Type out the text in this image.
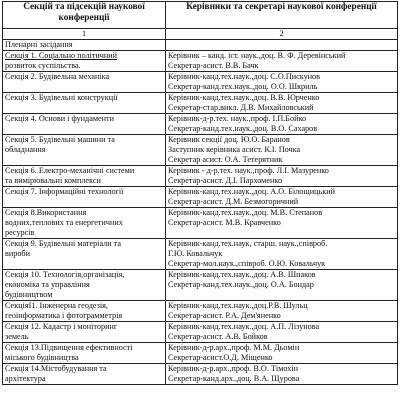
Секцій та підсекцій наукової конференції	Керівники та секретарі наукової конференції
1	2
Пленарні засідання	

Секція 1. Соціально політичний
розвиток суспільства.	Керівник – канд. іст. наук.,доц. В. Ф. Деревінський
Секретар-асист. В.В. Бачк

Секція 2. Будівельна механіка	Керівник-канд.тех.наук.,доц. С.О.Пискунов
Секретар-канд.тех.наук.,доц. О.О. Шкриль

Секція 3. Будівельні конструкції	Керівник-канд.тех.наук.,доц. В.В. Юрченко
Секретар-стар.викл. Д.В. Михайловський

Секція 4. Основи і фундаменти	Керівник-д-р.тех. наук.,проф. І.П.Бойко
Секретар-канд.тех.наук.,доц. В.О. Сахаров

Секція 5. Будівельні машини та
обладнання	Керівник секції доц. Ю.О. Баранов
Заступник керівника асист. К.І. Почка
Секретар асист. О.А. Тетерятник

Секція 6. Електро-механічні системи
та вимірювальні комплекси	Керівник - д-р.тех. наук.,проф. Л.І. Мазуренко
Секретар-асист. Д.І. Пархоменко

Секція 7. Інформаційні технології	Керівник-канд.тех.наук.,доц. А.О. Білощицький
Секретар-асист. Д.М. Безмогоричний

Секція 8.Використання
водних,теплових та енергетичних
ресурсів	Керівник-канд.тех.наук.,доц. М.В. Степанов
Секретар-асист. М.В. Кравченко

Секція 9. Будівельні матеріали та
вироби	Керівник-канд.тех.наук, старш. наук.,співроб.
Г.Ю. Ковальчук
Секретар-мол.наук.,співроб. О.Ю. Ковальчук

Секція 10. Технологія,організація,
економіка та управління
будівництвом	Керівник-канд.тех.наук.,доц. А.В. Шпаков
Секретар-канд.тех.наук.,доц. О.А. Бондар

СекціяІ1. Інженерна геодезія,
геоінформатика і фотограмметрія	Керівник-канд.тех.наук.,доц.Р.В. Шульц
Секретар-асист. Р.А. Дем'яненко

Секція 12. Кадастр і моніторинг
земель	Керівник-канд.тех.наук.,доц. А.П. Лізунова
Секретар-асист. А.В. Бойков

Секція 13.Підвищення ефективності
міського будівництва	Керівник-д-р.арх.,проф. М.М. Дьомін
Секретар-асист.О.Д. Міщенко

Секція 14.Містобудування та
архітектура	Керівник-д-р.арх.,проф. В.О. Тімохін
Секретар-канд.арх.,доц. В.А. Щурова
